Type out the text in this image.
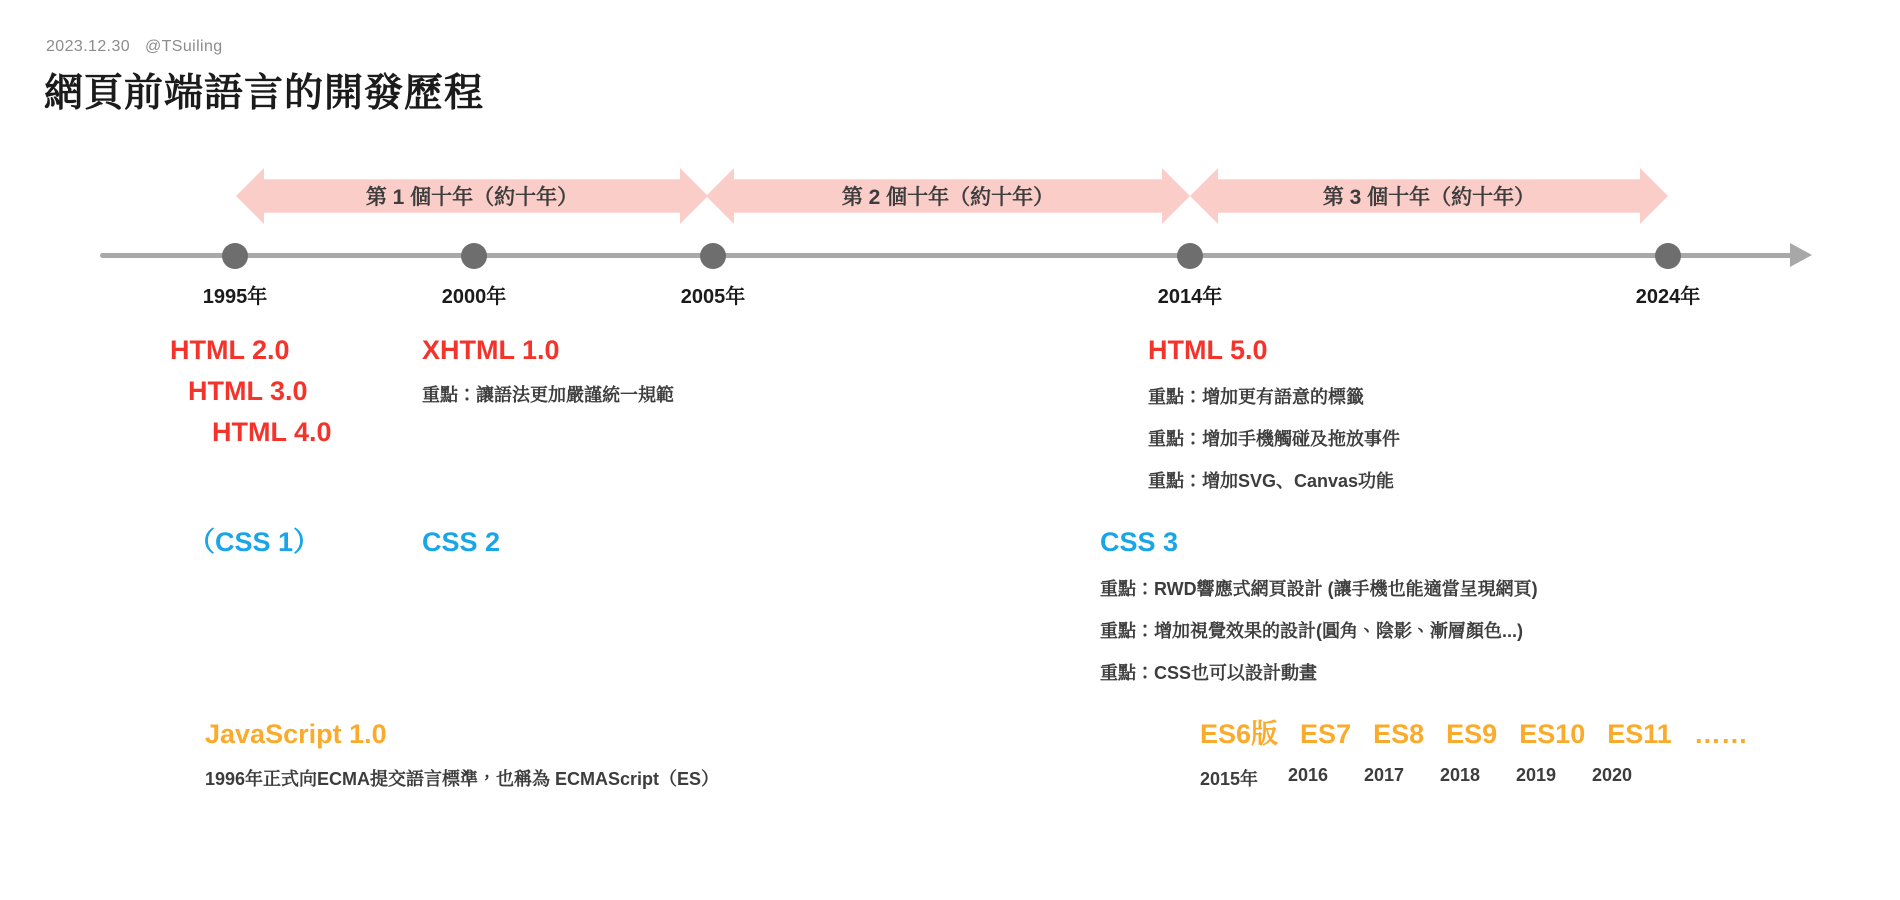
2023.12.30 @TSuiling
網頁前端語言的開發歷程
第 1 個十年（約十年）	第 2 個十年（約十年）	第 3 個十年（約十年）
1995年	2000年	2005年	2014年	2024年
HTML 2.0
HTML 3.0
HTML 4.0
XHTML 1.0
重點：讓語法更加嚴謹統一規範
HTML 5.0
重點：增加更有語意的標籤
重點：增加手機觸碰及拖放事件
重點：增加SVG、Canvas功能
（CSS 1）	CSS 2	CSS 3
重點：RWD響應式網頁設計 (讓手機也能適當呈現網頁)
重點：增加視覺效果的設計(圓角、陰影、漸層顏色...)
重點：CSS也可以設計動畫
JavaScript 1.0
1996年正式向ECMA提交語言標準，也稱為 ECMAScript（ES）
ES6版 ES7 ES8 ES9 ES10 ES11 ……
2015年	2016	2017	2018	2019	2020
